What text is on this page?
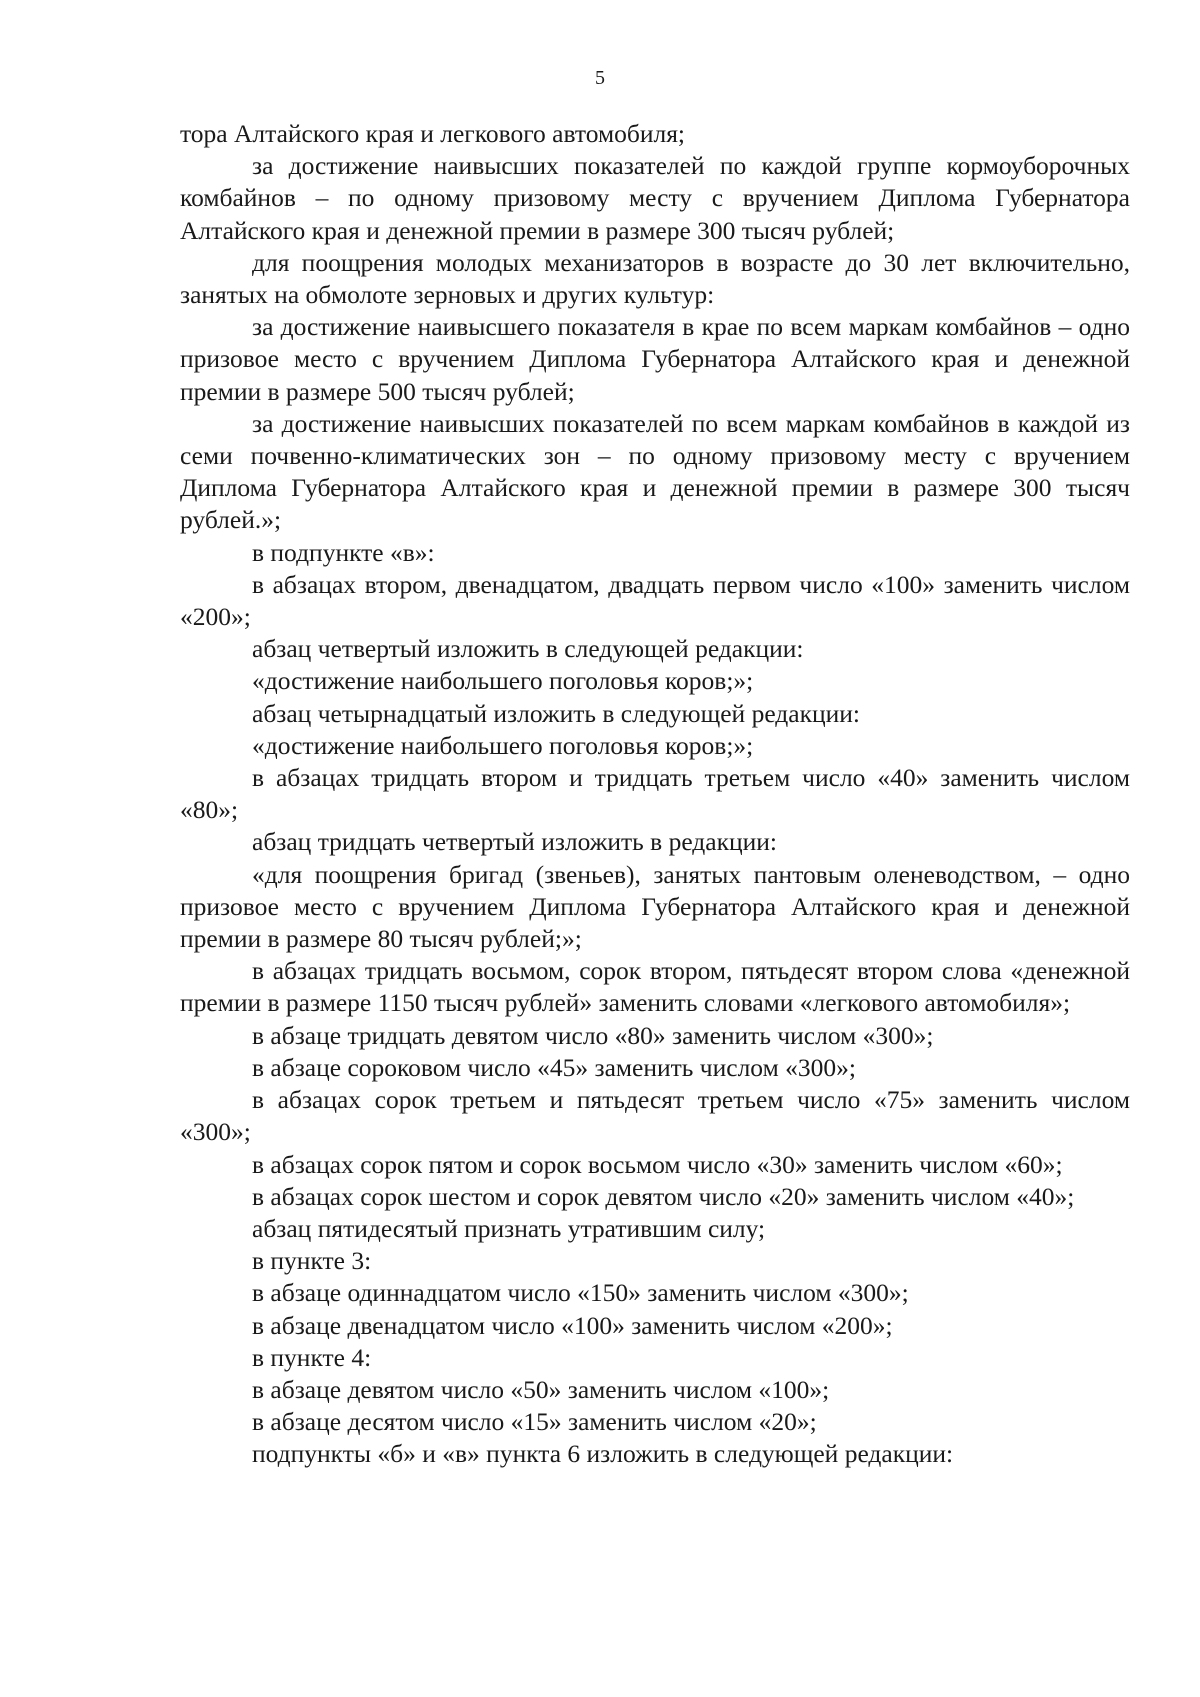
5

тора Алтайского края и легкового автомобиля;

за достижение наивысших показателей по каждой группе кормоуборочных комбайнов – по одному призовому месту с вручением Диплома Губернатора Алтайского края и денежной премии в размере 300 тысяч рублей;

для поощрения молодых механизаторов в возрасте до 30 лет включительно, занятых на обмолоте зерновых и других культур:

за достижение наивысшего показателя в крае по всем маркам комбайнов – одно призовое место с вручением Диплома Губернатора Алтайского края и денежной премии в размере 500 тысяч рублей;

за достижение наивысших показателей по всем маркам комбайнов в каждой из семи почвенно-климатических зон – по одному призовому месту с вручением Диплома Губернатора Алтайского края и денежной премии в размере 300 тысяч рублей.»;

в подпункте «в»:

в абзацах втором, двенадцатом, двадцать первом число «100» заменить числом «200»;

абзац четвертый изложить в следующей редакции:

«достижение наибольшего поголовья коров;»;

абзац четырнадцатый изложить в следующей редакции:

«достижение наибольшего поголовья коров;»;

в абзацах тридцать втором и тридцать третьем число «40» заменить числом «80»;

абзац тридцать четвертый изложить в редакции:

«для поощрения бригад (звеньев), занятых пантовым оленеводством, – одно призовое место с вручением Диплома Губернатора Алтайского края и денежной премии в размере 80 тысяч рублей;»;

в абзацах тридцать восьмом, сорок втором, пятьдесят втором слова «денежной премии в размере 1150 тысяч рублей» заменить словами «легкового автомобиля»;

в абзаце тридцать девятом число «80» заменить числом «300»;

в абзаце сороковом число «45» заменить числом «300»;

в абзацах сорок третьем и пятьдесят третьем число «75» заменить числом «300»;

в абзацах сорок пятом и сорок восьмом число «30» заменить числом «60»;

в абзацах сорок шестом и сорок девятом число «20» заменить числом «40»;

абзац пятидесятый признать утратившим силу;

в пункте 3:

в абзаце одиннадцатом число «150» заменить числом «300»;

в абзаце двенадцатом число «100» заменить числом «200»;

в пункте 4:

в абзаце девятом число «50» заменить числом «100»;

в абзаце десятом число «15» заменить числом «20»;

подпункты «б» и «в» пункта 6 изложить в следующей редакции:
